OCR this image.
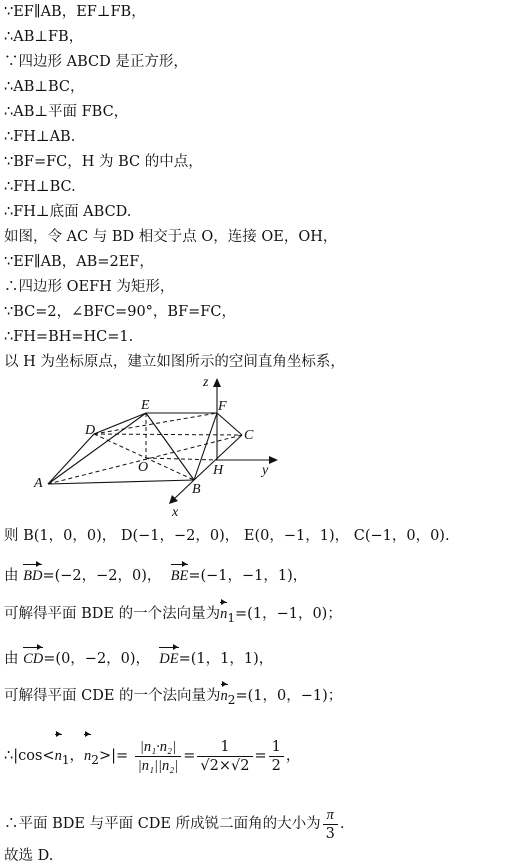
∵EF∥AB，EF⊥FB，
∴AB⊥FB，
∵四边形 ABCD 是正方形，
∴AB⊥BC，
∴AB⊥平面 FBC，
∴FH⊥AB.
∵BF=FC，H 为 BC 的中点，
∴FH⊥BC.
∴FH⊥底面 ABCD.
如图，令 AC 与 BD 相交于点 O，连接 OE，OH，
∵EF∥AB，AB=2EF，
∴四边形 OEFH 为矩形，
∵BC=2，∠BFC=90°，BF=FC，
∴FH=BH=HC=1.
以 H 为坐标原点，建立如图所示的空间直角坐标系，
z
E	F
D	C
O	H	y
A	B
x
则 B(1，0，0)， D(−1，−2，0)， E(0，−1，1)， C(−1，0，0).
由 BD=(−2，−2，0)， BE=(−1，−1，1)，
可解得平面 BDE 的一个法向量为$n_1=(1$，−1，0)；
由 CD=(0，−2，0)， DE=(1，1，1)，
可解得平面 CDE 的一个法向量为$n_2=(1$，0，−1)；
$\therefore|\cos<n_1$，$n_2>|= \frac{\text{|n₁·n₂|}}{\text{|n₁||n₂|}} = \frac{1}{√2\times√2} = \frac{1}{2}$ ，
∴平面 BDE 与平面 CDE 所成锐二面角的大小为 $\frac{\pi}{3}$ .
故选 D.
